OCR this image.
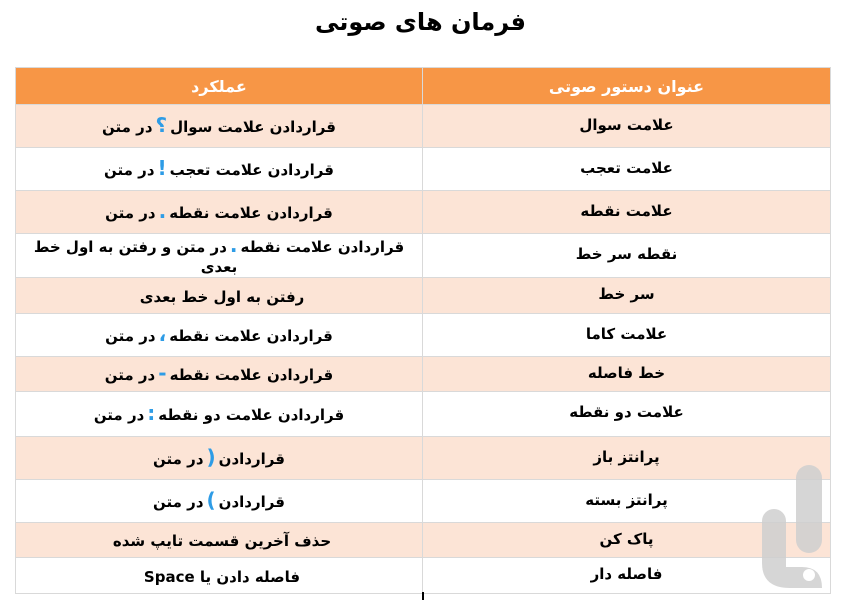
فرمان های صوتی
عنوان دستور صوتی	عملکرد
علامت سوال	قراردادن علامت سوال؟در متن
علامت تعجب	قراردادن علامت تعجب!در متن
علامت نقطه	قراردادن علامت نقطه.در متن
نقطه سر خط	قراردادن علامت نقطه.در متن و رفتن به اول خط بعدی
سر خط	رفتن به اول خط بعدی
علامت کاما	قراردادن علامت نقطه،در متن
خط فاصله	قراردادن علامت نقطه-در متن
علامت دو نقطه	قراردادن علامت دو نقطه:در متن
پرانتز باز	قراردادن(در متن
پرانتز بسته	قراردادن)در متن
پاک کن	حذف آخرین قسمت تایپ شده
فاصله دار	فاصله دادن یا Space
